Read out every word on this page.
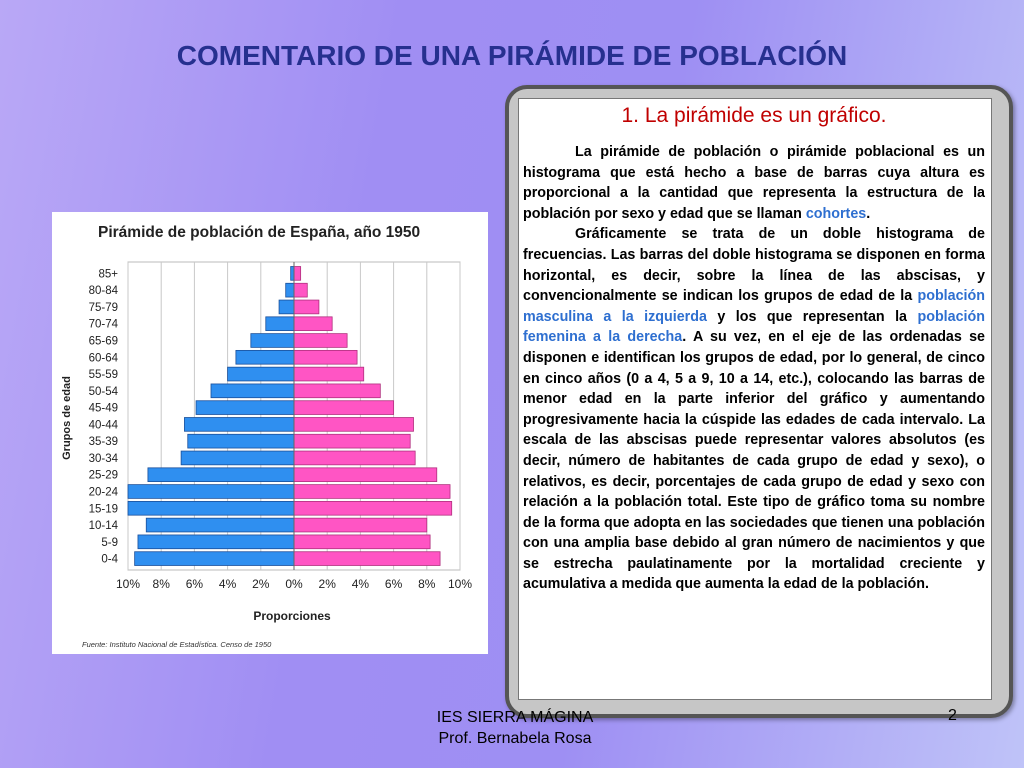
COMENTARIO DE UNA PIRÁMIDE DE POBLACIÓN
Pirámide de población de España, año 1950
Grupos de edad
Proporciones
Fuente: Instituto Nacional de Estadística. Censo de 1950
10% 8% 6% 4% 2% 0% 2% 4% 6% 8% 10%
0-4
5-9
10-14
15-19
20-24
25-29
30-34
35-39
40-44
45-49
50-54
55-59
60-64
65-69
70-74
75-79
80-84
85+
1. La pirámide es un gráfico.

La pirámide de población o pirámide poblacional es un histograma que está hecho a base de barras cuya altura es proporcional a la cantidad que representa la estructura de la población por sexo y edad que se llaman cohortes.

Gráficamente se trata de un doble histograma de frecuencias. Las barras del doble histograma se disponen en forma horizontal, es decir, sobre la línea de las abscisas, y convencionalmente se indican los grupos de edad de la población masculina a la izquierda y los que representan la población femenina a la derecha. A su vez, en el eje de las ordenadas se disponen e identifican los grupos de edad, por lo general, de cinco en cinco años (0 a 4, 5 a 9, 10 a 14, etc.), colocando las barras de menor edad en la parte inferior del gráfico y aumentando progresivamente hacia la cúspide las edades de cada intervalo. La escala de las abscisas puede representar valores absolutos (es decir, número de habitantes de cada grupo de edad y sexo), o relativos, es decir, porcentajes de cada grupo de edad y sexo con relación a la población total. Este tipo de gráfico toma su nombre de la forma que adopta en las sociedades que tienen una población con una amplia base debido al gran número de nacimientos y que se estrecha paulatinamente por la mortalidad creciente y acumulativa a medida que aumenta la edad de la población.

IES SIERRA MÁGINA
Prof. Bernabela Rosa
2
